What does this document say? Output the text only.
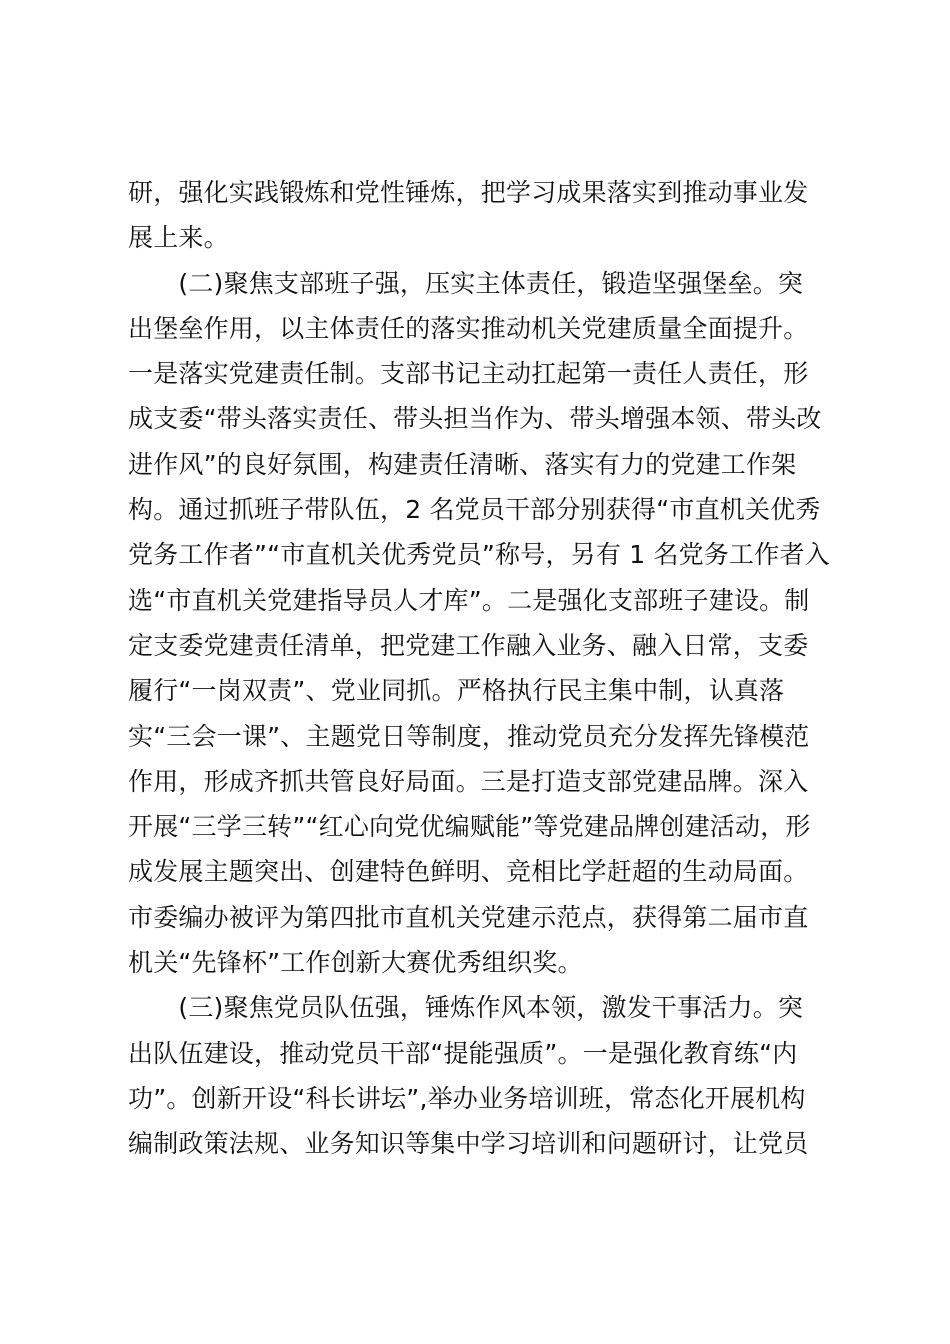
研，强化实践锻炼和党性锤炼，把学习成果落实到推动事业发
展上来。
　　(二)聚焦支部班子强，压实主体责任，锻造坚强堡垒。突
出堡垒作用，以主体责任的落实推动机关党建质量全面提升。
一是落实党建责任制。支部书记主动扛起第一责任人责任，形
成支委“带头落实责任、带头担当作为、带头增强本领、带头改
进作风”的良好氛围，构建责任清晰、落实有力的党建工作架
构。通过抓班子带队伍，2 名党员干部分别获得“市直机关优秀
党务工作者”“市直机关优秀党员”称号，另有 1 名党务工作者入
选“市直机关党建指导员人才库”。二是强化支部班子建设。制
定支委党建责任清单，把党建工作融入业务、融入日常，支委
履行“一岗双责”、党业同抓。严格执行民主集中制，认真落
实“三会一课”、主题党日等制度，推动党员充分发挥先锋模范
作用，形成齐抓共管良好局面。三是打造支部党建品牌。深入
开展“三学三转”“红心向党优编赋能”等党建品牌创建活动，形
成发展主题突出、创建特色鲜明、竞相比学赶超的生动局面。
市委编办被评为第四批市直机关党建示范点，获得第二届市直
机关“先锋杯”工作创新大赛优秀组织奖。
　　(三)聚焦党员队伍强，锤炼作风本领，激发干事活力。突
出队伍建设，推动党员干部“提能强质”。一是强化教育练“内
功”。创新开设“科长讲坛”,举办业务培训班，常态化开展机构
编制政策法规、业务知识等集中学习培训和问题研讨，让党员
